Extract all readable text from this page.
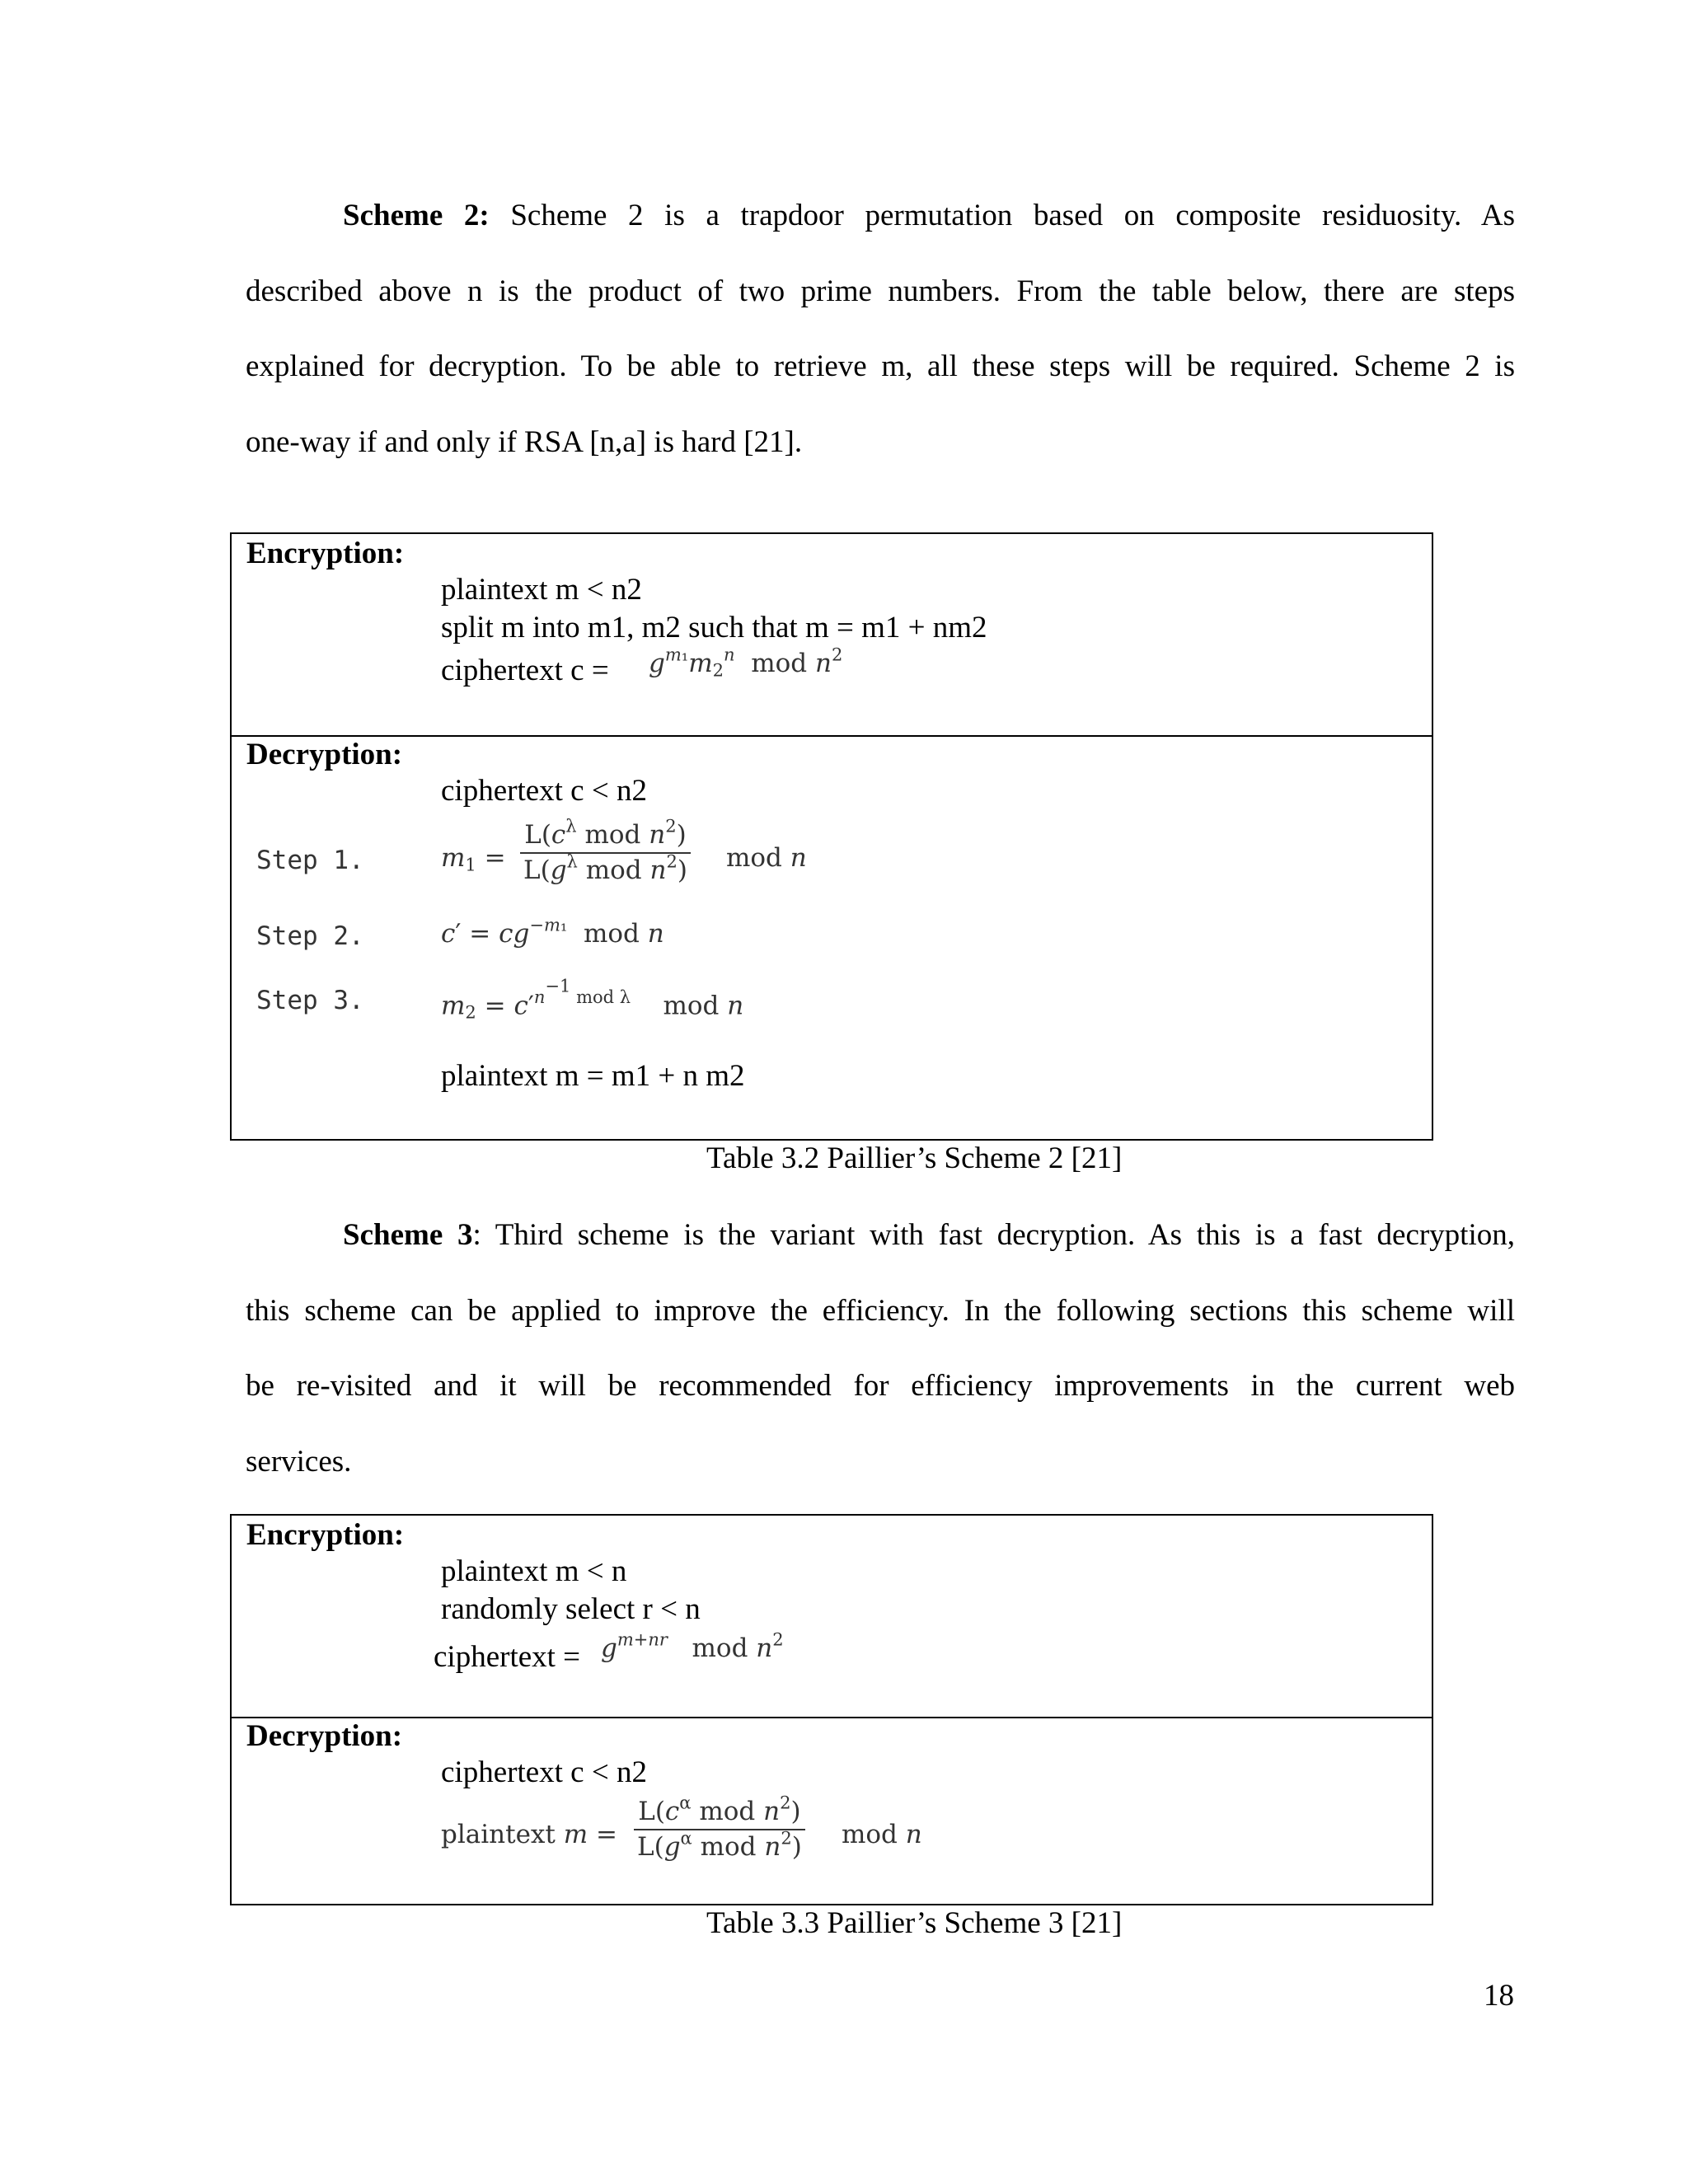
Scheme 2: Scheme 2 is a trapdoor permutation based on composite residuosity. As
described above n is the product of two prime numbers. From the table below, there are steps
explained for decryption. To be able to retrieve m, all these steps will be required. Scheme 2 is
one-way if and only if RSA [n,a] is hard [21].
Encryption:
plaintext m < n2
split m into m1, m2 such that m = m1 + nm2
ciphertext $c = g^{m_1}m_2^n$  mod $n^2$
Decryption:
ciphertext c < n2
Step 1.	$m_1$ =
$L(c^\lambda$ mod $n^2$)
$L(g^\lambda$ mod $n^2$) mod n
Step 2.	$c' = cg^{-m_1}$  mod n
Step 3.	$m_2 = c'^{n^{-1} mod \lambda}$    mod n
plaintext m = m1 + n m2
Table 3.2 Paillier’s Scheme 2 [21]
Scheme 3: Third scheme is the variant with fast decryption. As this is a fast decryption,
this scheme can be applied to improve the efficiency. In the following sections this scheme will
be re-visited and it will be recommended for efficiency improvements in the current web
services.
Encryption:
plaintext m < n
randomly select r < n
ciphertext = $g^{m+nr}$   mod $n^2$
Decryption:
ciphertext c < n2
plaintext m =
$L(c^\alpha$ mod $n^2$)
$L(g^\alpha$ mod $n^2$) mod n
Table 3.3 Paillier’s Scheme 3 [21]
18
